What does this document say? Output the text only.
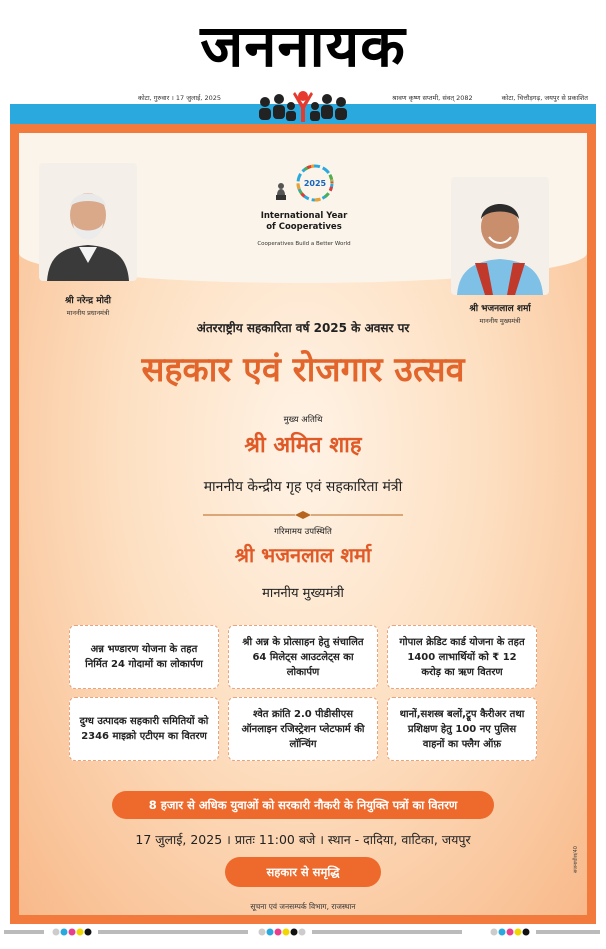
जननायक
कोटा, गुरुवार । 17 जुलाई, 2025	श्रावण कृष्ण सप्तमी, संवत् 2082	कोटा, चित्तौड़गढ़, जयपुर से प्रकाशित
श्री नरेन्द्र मोदी
माननीय प्रधानमंत्री

2025
International Year
of Cooperatives
Cooperatives Build a Better World
श्री भजनलाल शर्मा
माननीय मुख्यमंत्री
अंतरराष्ट्रीय सहकारिता वर्ष 2025 के अवसर पर
सहकार एवं रोजगार उत्सव
मुख्य अतिथि
श्री अमित शाह
माननीय केन्द्रीय गृह एवं सहकारिता मंत्री
गरिमामय उपस्थिति
श्री भजनलाल शर्मा
माननीय मुख्यमंत्री
अन्न भण्डारण योजना के तहत निर्मित 24 गोदामों का लोकार्पण
श्री अन्न के प्रोत्साहन हेतु संचालित 64 मिलेट्स आउटलेट्स का लोकार्पण
गोपाल क्रेडिट कार्ड योजना के तहत 1400 लाभार्थियों को ₹ 12 करोड़ का ऋण वितरण
दुग्ध उत्पादक सहकारी समितियों को 2346 माइक्रो एटीएम का वितरण
श्वेत क्रांति 2.0 पीडीसीएस ऑनलाइन रजिस्ट्रेशन प्लेटफार्म की लॉन्चिंग
थानों,सशस्त्र बलों,ट्रूप कैरीअर तथा प्रशिक्षण हेतु 100 नए पुलिस वाहनों का फ्लैग ऑफ़
8 हजार से अधिक युवाओं को सरकारी नौकरी के नियुक्ति पत्रों का वितरण
17 जुलाई, 2025 । प्रातः 11:00 बजे । स्थान - दादिया, वाटिका, जयपुर
सहकार से समृद्धि
सूचना एवं जनसम्पर्क विभाग, राजस्थान
सजनाधीश/40
